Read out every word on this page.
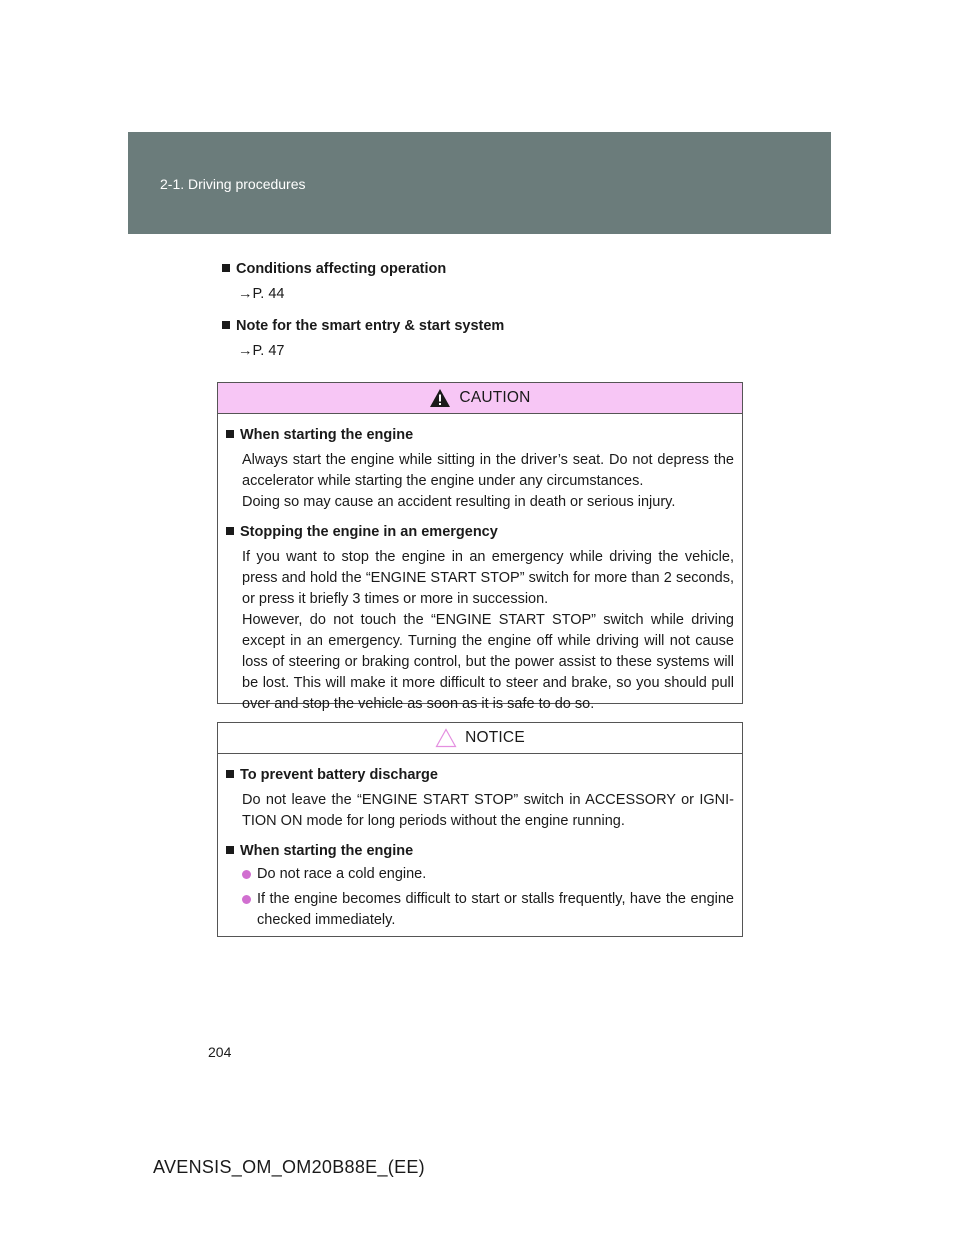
2-1. Driving procedures

Conditions affecting operation

→P. 44

Note for the smart entry & start system

→P. 47

CAUTION

When starting the engine

Always start the engine while sitting in the driver’s seat. Do not depress the
accelerator while starting the engine under any circumstances.
Doing so may cause an accident resulting in death or serious injury.

Stopping the engine in an emergency

If you want to stop the engine in an emergency while driving the vehicle,
press and hold the “ENGINE START STOP” switch for more than 2 seconds,
or press it briefly 3 times or more in succession.
However, do not touch the “ENGINE START STOP” switch while driving
except in an emergency. Turning the engine off while driving will not cause
loss of steering or braking control, but the power assist to these systems will
be lost. This will make it more difficult to steer and brake, so you should pull
over and stop the vehicle as soon as it is safe to do so.
NOTICE

To prevent battery discharge

Do not leave the “ENGINE START STOP” switch in ACCESSORY or IGNI-
TION ON mode for long periods without the engine running.

When starting the engine

Do not race a cold engine.
If the engine becomes difficult to start or stalls frequently, have the engine checked immediately.
204
AVENSIS_OM_OM20B88E_(EE)
